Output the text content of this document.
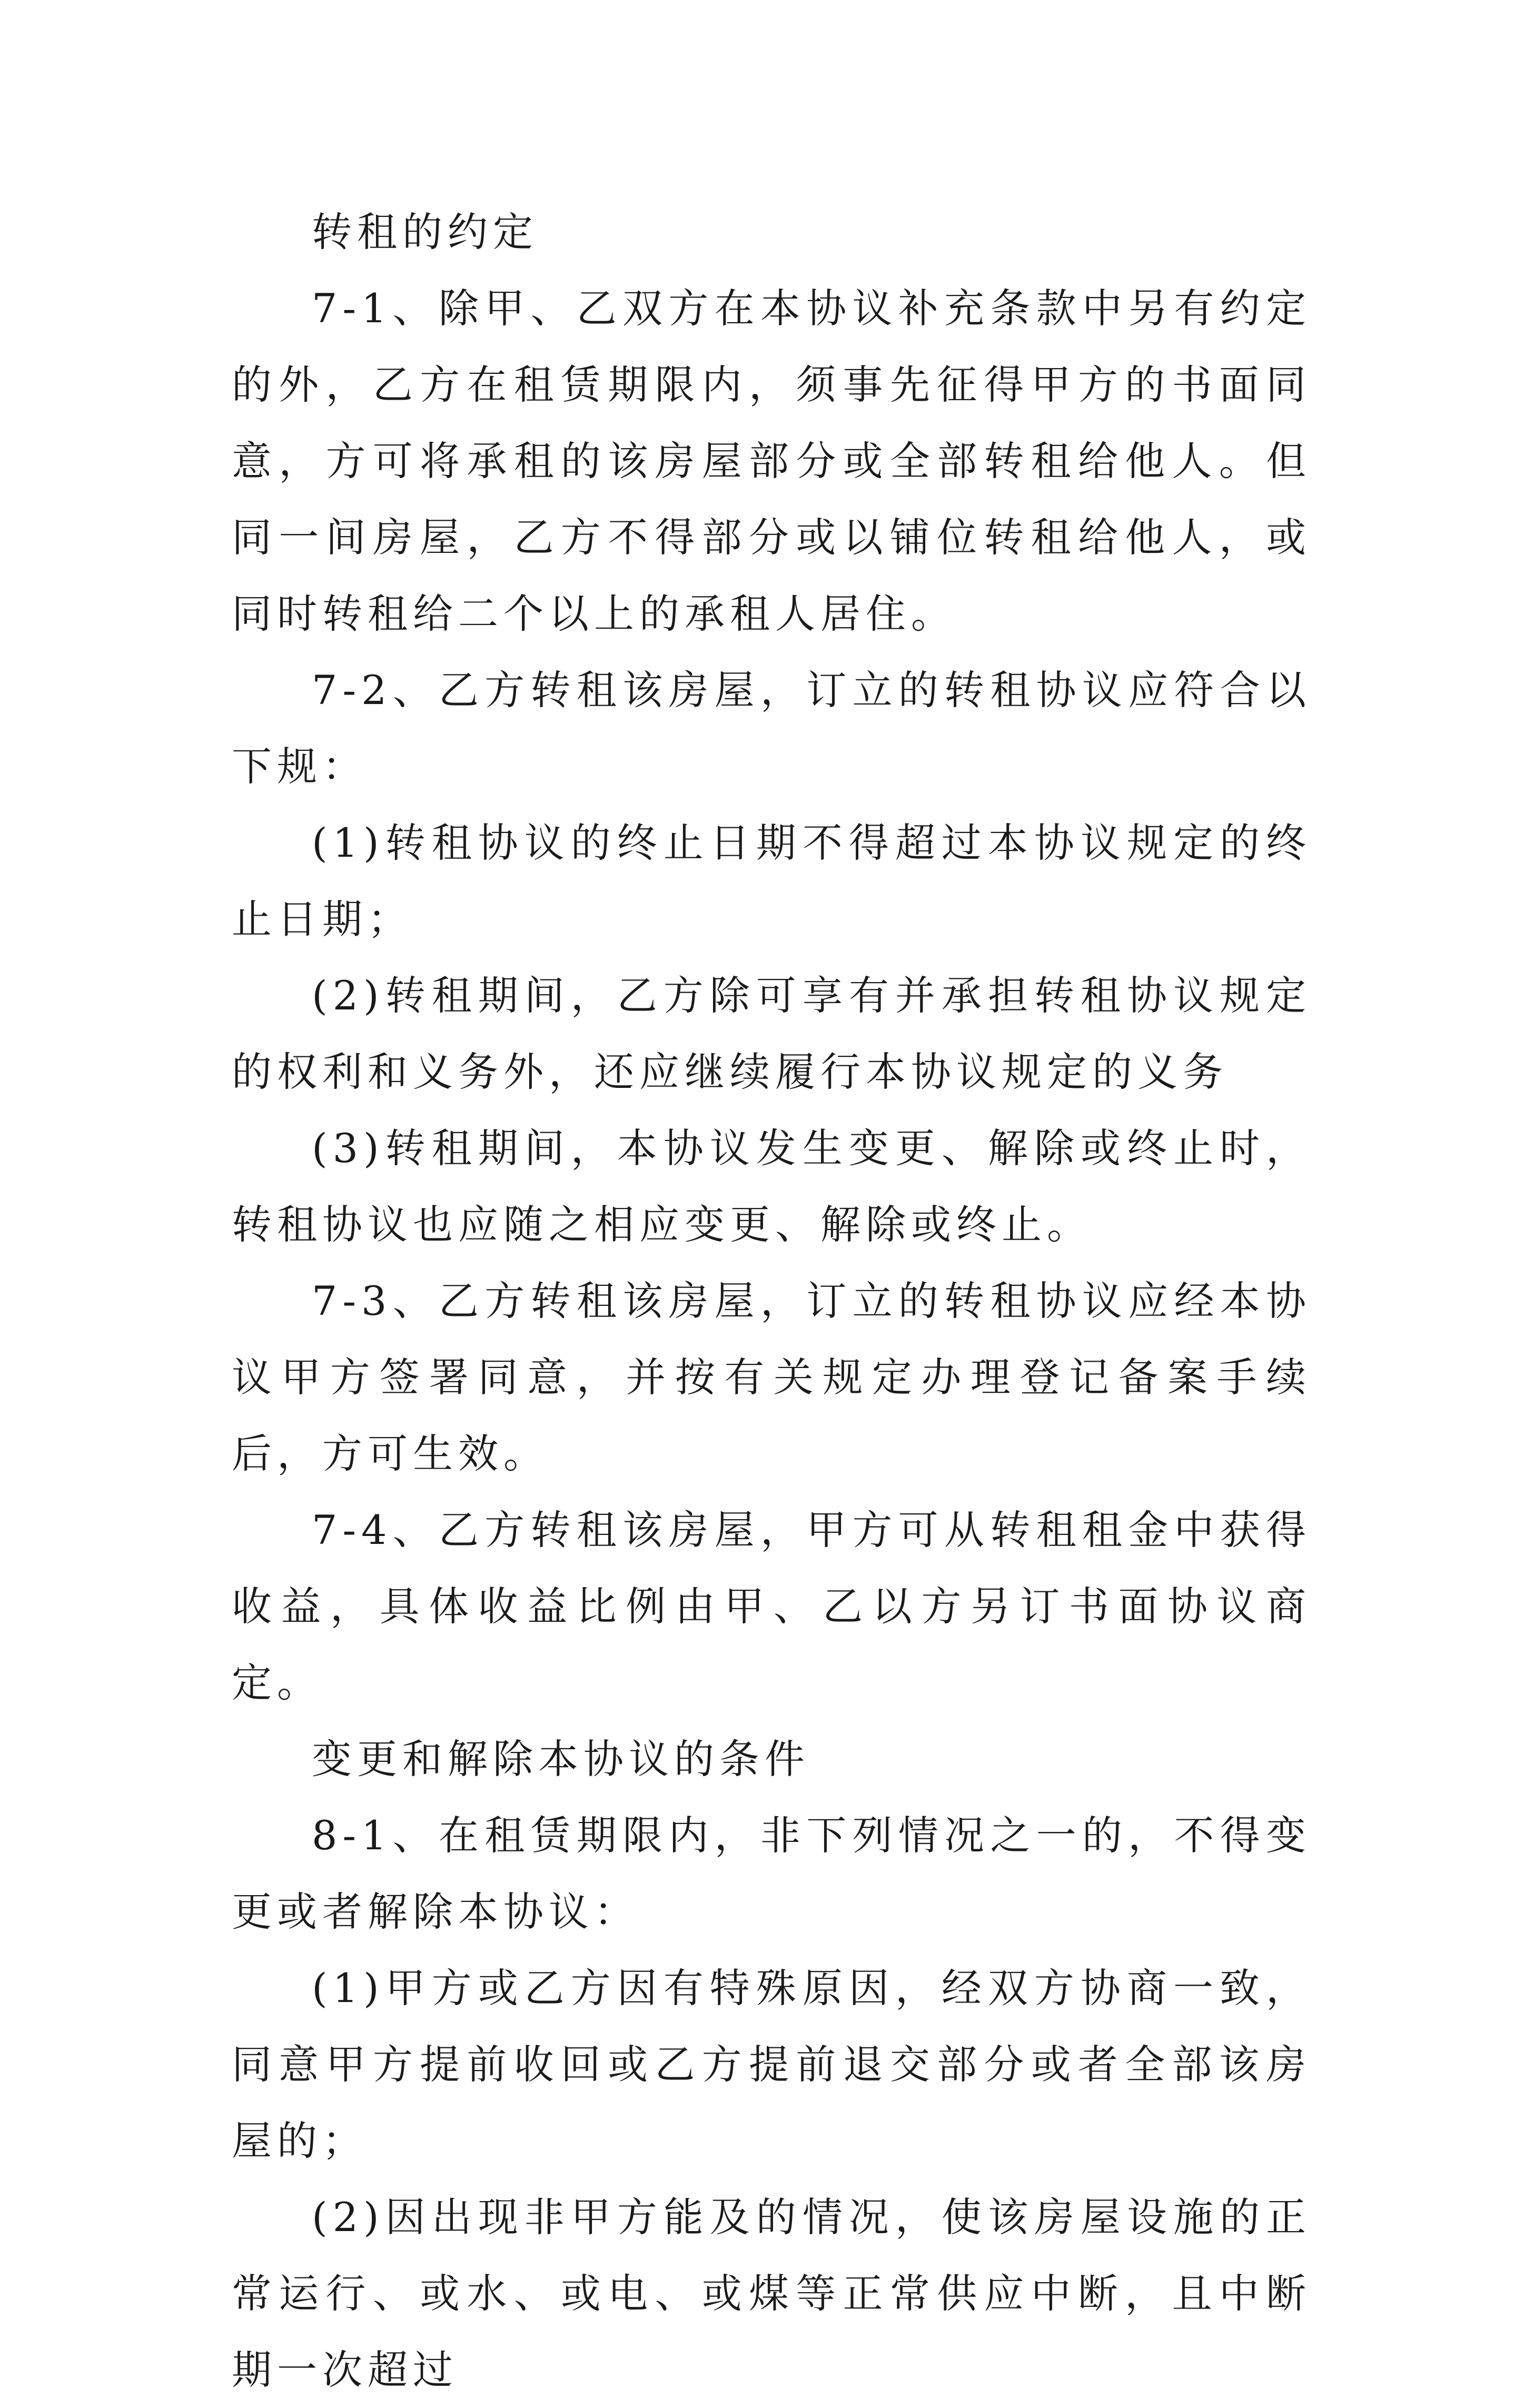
转租的约定

7-1、除甲、乙双方在本协议补充条款中另有约定的外，乙方在租赁期限内，须事先征得甲方的书面同意，方可将承租的该房屋部分或全部转租给他人。但同一间房屋，乙方不得部分或以铺位转租给他人，或同时转租给二个以上的承租人居住。

7-2、乙方转租该房屋，订立的转租协议应符合以下规：

(1)转租协议的终止日期不得超过本协议规定的终止日期；

(2)转租期间，乙方除可享有并承担转租协议规定的权利和义务外，还应继续履行本协议规定的义务

(3)转租期间，本协议发生变更、解除或终止时，转租协议也应随之相应变更、解除或终止。

7-3、乙方转租该房屋，订立的转租协议应经本协议甲方签署同意，并按有关规定办理登记备案手续后，方可生效。

7-4、乙方转租该房屋，甲方可从转租租金中获得收益，具体收益比例由甲、乙以方另订书面协议商定。

变更和解除本协议的条件

8-1、在租赁期限内，非下列情况之一的，不得变更或者解除本协议：

(1)甲方或乙方因有特殊原因，经双方协商一致，同意甲方提前收回或乙方提前退交部分或者全部该房屋的；

(2)因出现非甲方能及的情况，使该房屋设施的正常运行、或水、或电、或煤等正常供应中断，且中断期一次超过
